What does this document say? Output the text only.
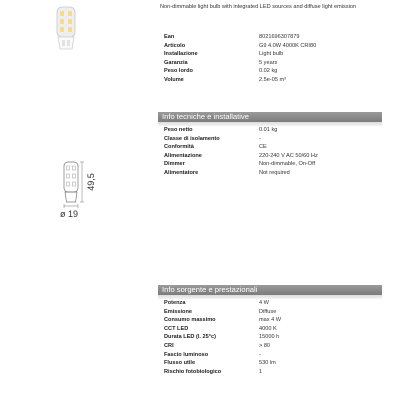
49,5
ø 19
Non-dimmable light bulb with integrated LED sources and diffuse light emission
Ean	8021696307879
Articolo	G9 4.0W 4000K CRI80
Installazione	Light bulb
Garanzia	5 years
Peso lordo	0.02 kg
Volume	2.5e-05 m³
Info tecniche e installative
Peso netto	0.01 kg
Classe di isolamento	-
Conformità	CE
Alimentazione	220-240 V AC 50/60 Hz
Dimmer	Non-dimmable, On-Off
Alimentatore	Not required
Info sorgente e prestazionali
Potenza	4 W
Emissione	Diffuse
Consumo massimo	max 4 W
CCT LED	4000 K
Durata LED (l. 25°c)	15000 h
CRI	> 80
Fascio luminoso	-
Flusso utile	530 lm
Rischio fotobiologico	1
